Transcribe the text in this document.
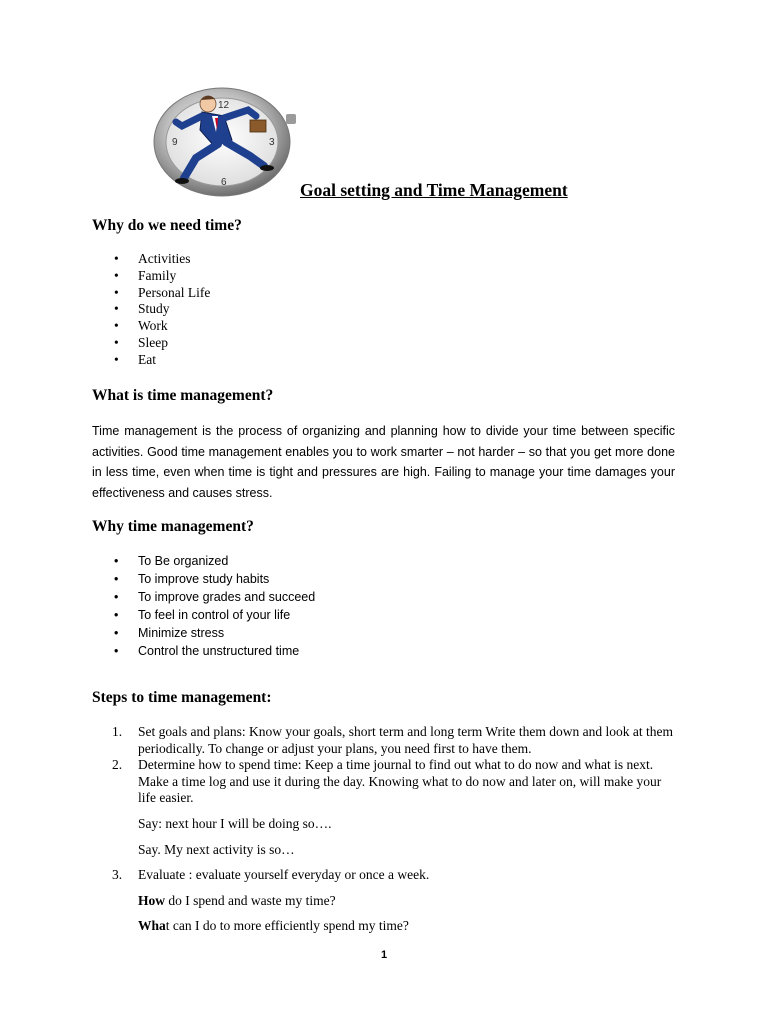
12
3
6
9
Goal setting and Time Management
Why do we need time?
• Activities
• Family
• Personal Life
• Study
• Work
• Sleep
• Eat
What is time management?

Time management is the process of organizing and planning how to divide your time between specific activities. Good time management enables you to work smarter – not harder – so that you get more done in less time, even when time is tight and pressures are high. Failing to manage your time damages your effectiveness and causes stress.

Why time management?
• To Be organized
• To improve study habits
• To improve grades and succeed
• To feel in control of your life
• Minimize stress
• Control the unstructured time
Steps to time management:
1. Set goals and plans: Know your goals, short term and long term Write them down and look at them periodically. To change or adjust your plans, you need first to have them.
2. Determine how to spend time: Keep a time journal to find out what to do now and what is next. Make a time log and use it during the day. Knowing what to do now and later on, will make your life easier.
Say: next hour I will be doing so….
Say. My next activity is so…
3. Evaluate : evaluate yourself everyday or once a week.
How do I spend and waste my time?
What can I do to more efficiently spend my time?
1
